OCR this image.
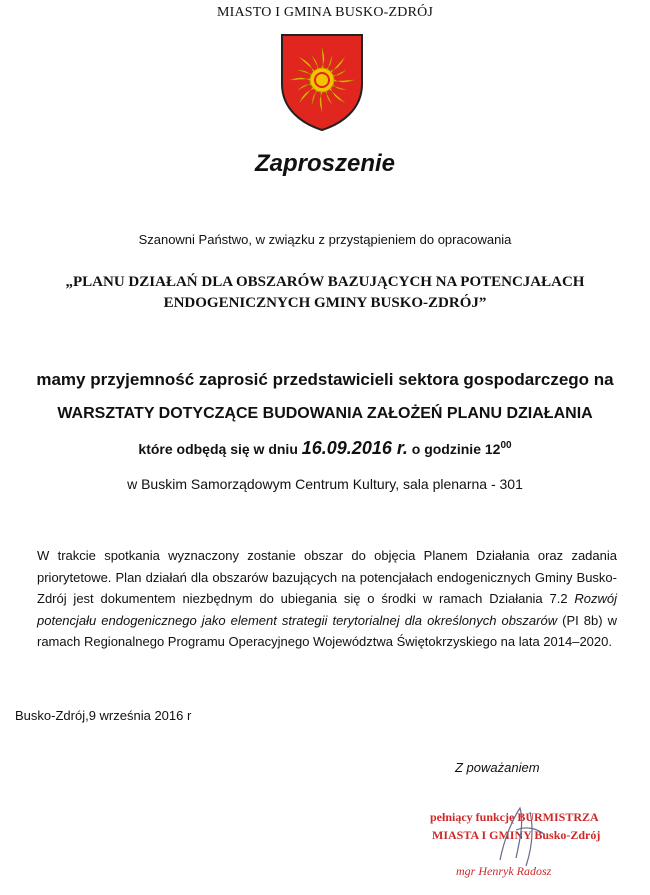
MIASTO I GMINA BUSKO-ZDRÓJ
Zaproszenie
Szanowni Państwo, w związku z przystąpieniem do opracowania
„PLANU DZIAŁAŃ DLA OBSZARÓW BAZUJĄCYCH NA POTENCJAŁACH
ENDOGENICZNYCH GMINY BUSKO-ZDRÓJ”
mamy przyjemność zaprosić przedstawicieli sektora gospodarczego na
WARSZTATY DOTYCZĄCE BUDOWANIA ZAŁOŻEŃ PLANU DZIAŁANIA
które odbędą się w dniu 16.09.2016 r. o godzinie $12^{00}$
w Buskim Samorządowym Centrum Kultury, sala plenarna - 301
W trakcie spotkania wyznaczony zostanie obszar do objęcia Planem Działania oraz zadania priorytetowe. Plan działań dla obszarów bazujących na potencjałach endogenicznych Gminy Busko-Zdrój jest dokumentem niezbędnym do ubiegania się o środki w ramach Działania 7.2 Rozwój potencjału endogenicznego jako element strategii terytorialnej dla określonych obszarów (PI 8b) w ramach Regionalnego Programu Operacyjnego Województwa Świętokrzyskiego na lata 2014–2020.
Busko-Zdrój,9 września 2016 r
Z poważaniem
pełniący funkcję BURMISTRZA
MIASTA I GMINY Busko-Zdrój
mgr Henryk Radosz
